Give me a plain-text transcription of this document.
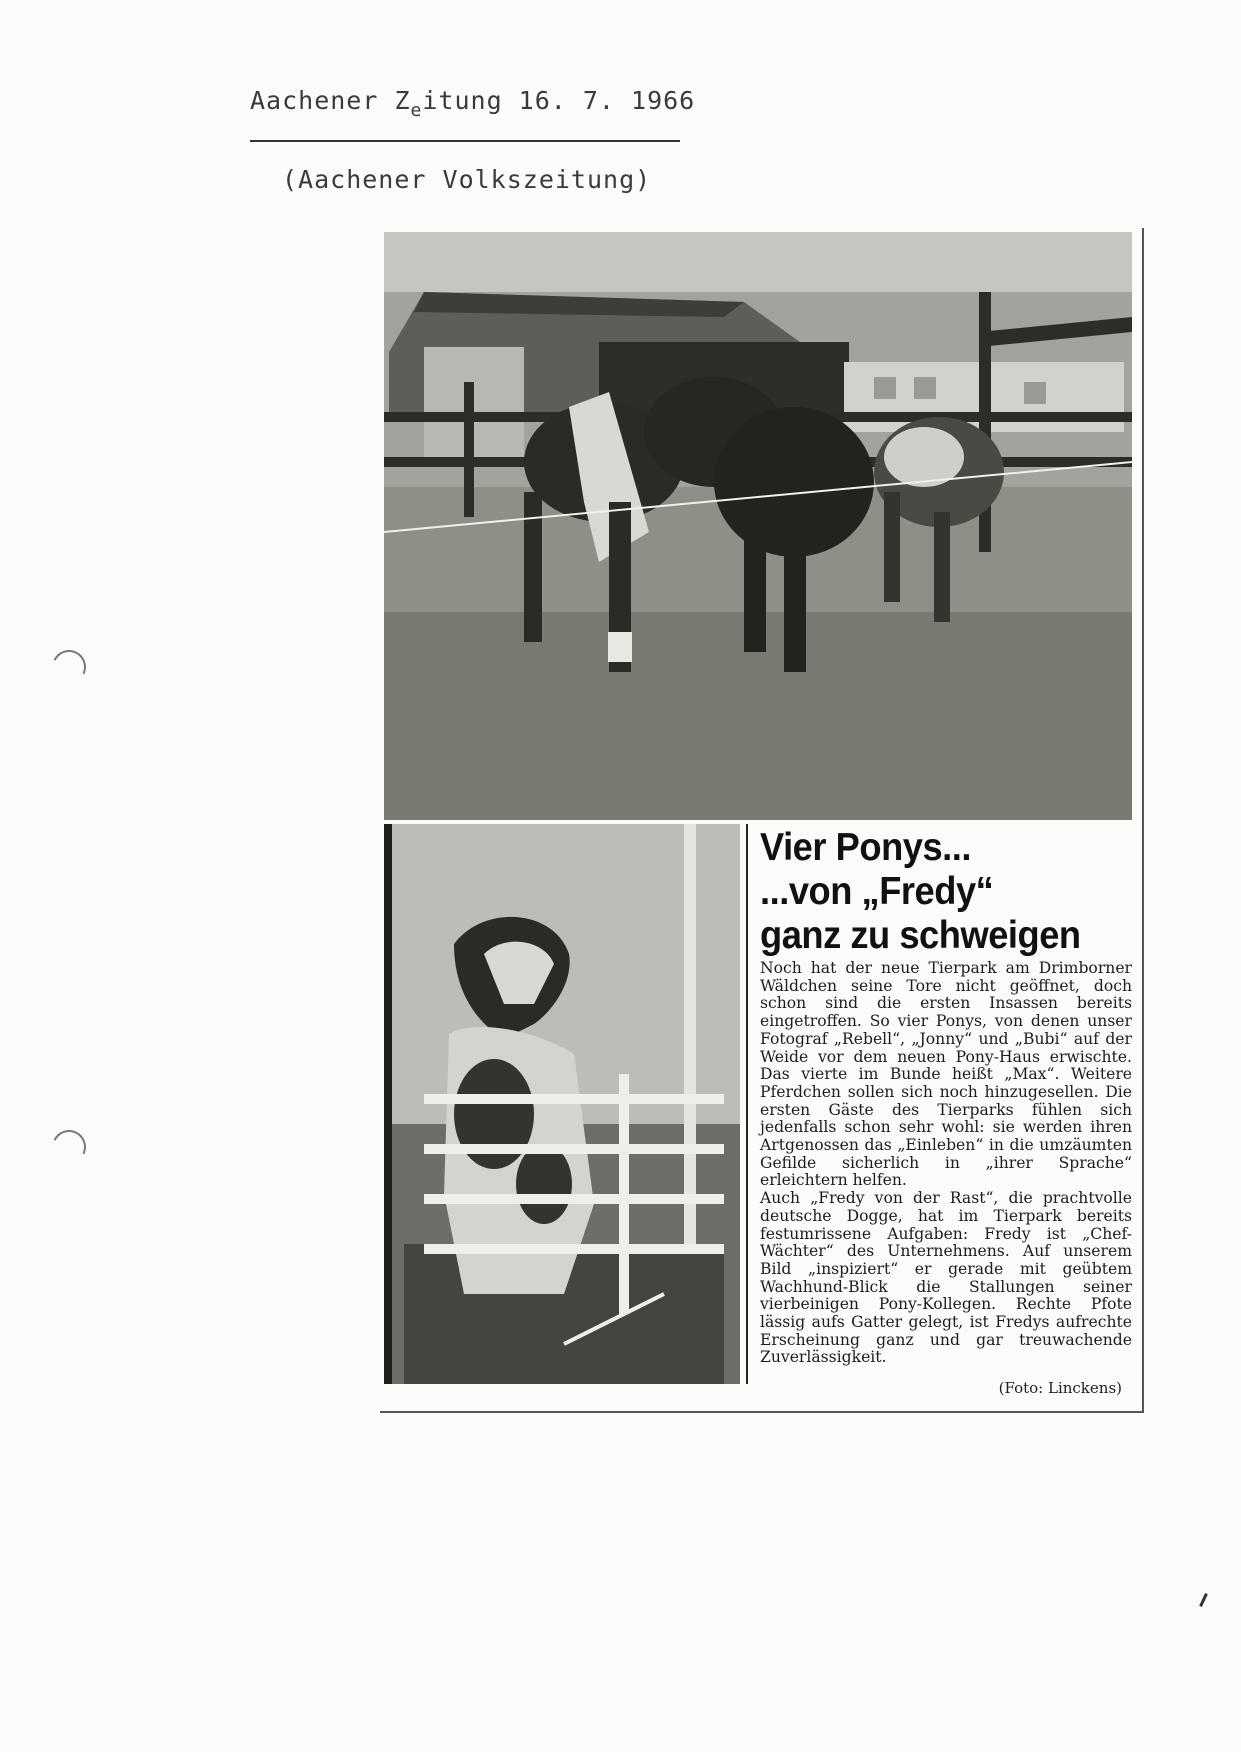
Aachener $Z_eitung$ 16. 7. 1966
(Aachener Volkszeitung)
Vier Ponys...
...von „Fredy“
ganz zu schweigen

Noch hat der neue Tierpark am Drimborner Wäldchen seine Tore nicht geöffnet, doch schon sind die ersten Insassen bereits eingetroffen. So vier Ponys, von denen unser Fotograf „Rebell“, „Jonny“ und „Bubi“ auf der Weide vor dem neuen Pony-Haus erwischte. Das vierte im Bunde heißt „Max“. Weitere Pferdchen sollen sich noch hinzugesellen. Die ersten Gäste des Tierparks fühlen sich jedenfalls schon sehr wohl: sie werden ihren Artgenossen das „Einleben“ in die umzäumten Gefilde sicherlich in „ihrer Sprache“ erleichtern helfen.

Auch „Fredy von der Rast“, die prachtvolle deutsche Dogge, hat im Tierpark bereits festumrissene Aufgaben: Fredy ist „Chef-Wächter“ des Unternehmens. Auf unserem Bild „inspiziert“ er gerade mit geübtem Wachhund-Blick die Stallungen seiner vierbeinigen Pony-Kollegen. Rechte Pfote lässig aufs Gatter gelegt, ist Fredys aufrechte Erscheinung ganz und gar treuwachende Zuverlässigkeit.

(Foto: Linckens)
